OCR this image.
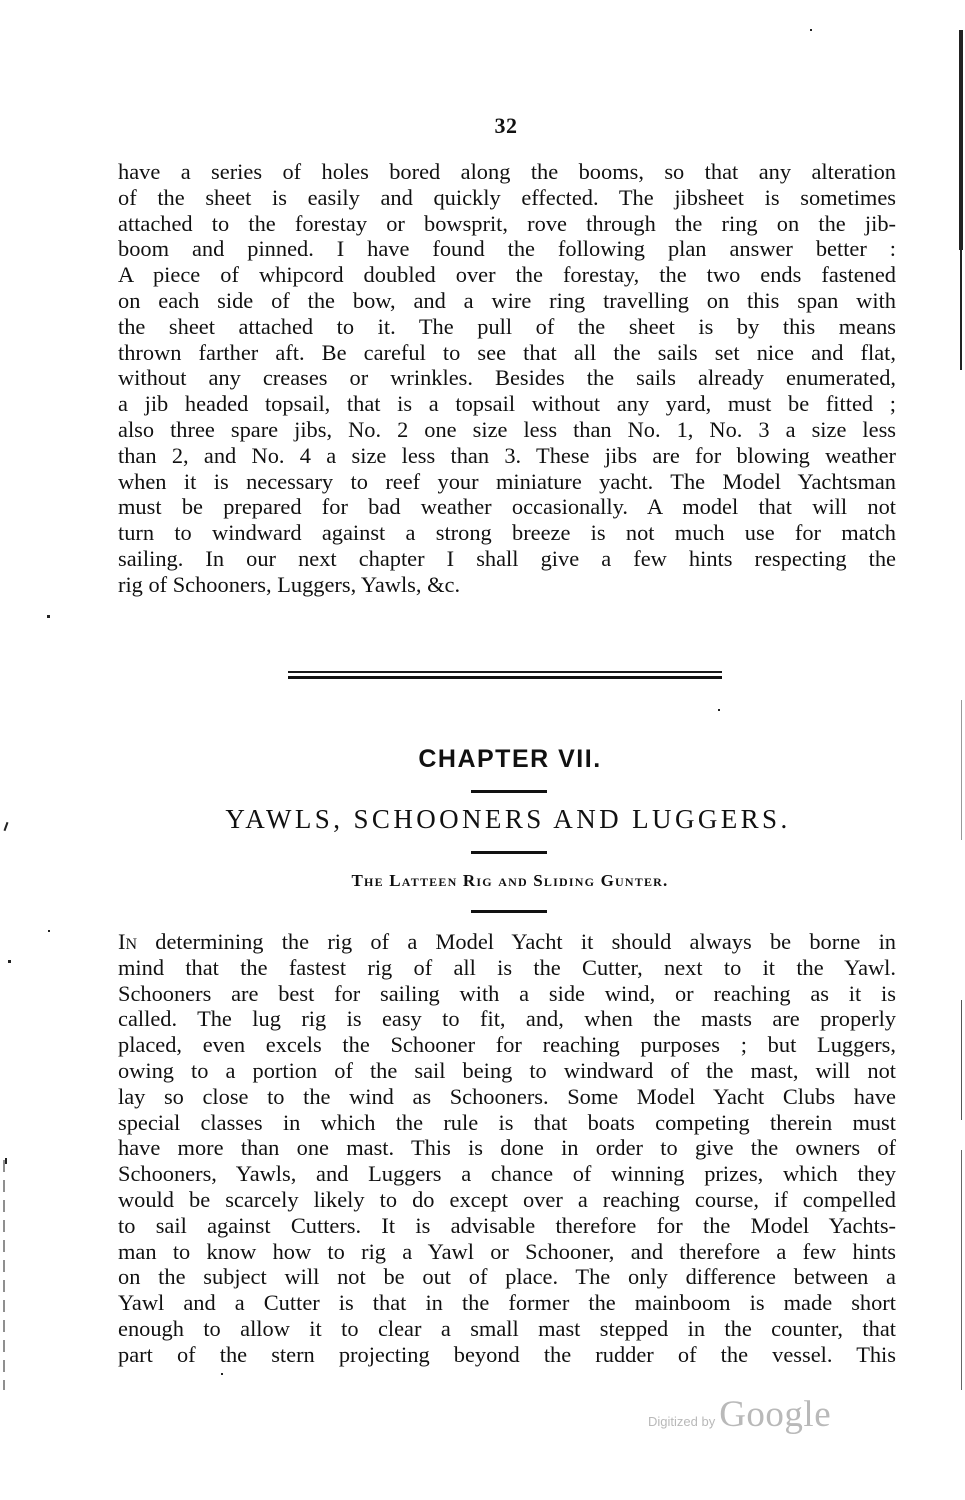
32
have a series of holes bored along the booms, so that any alteration
of the sheet is easily and quickly effected. The jibsheet is sometimes
attached to the forestay or bowsprit, rove through the ring on the jib-
boom and pinned. I have found the following plan answer better :
A piece of whipcord doubled over the forestay, the two ends fastened
on each side of the bow, and a wire ring travelling on this span with
the sheet attached to it. The pull of the sheet is by this means
thrown farther aft. Be careful to see that all the sails set nice and flat,
without any creases or wrinkles. Besides the sails already enumerated,
a jib headed topsail, that is a topsail without any yard, must be fitted ;
also three spare jibs, No. 2 one size less than No. 1, No. 3 a size less
than 2, and No. 4 a size less than 3. These jibs are for blowing weather
when it is necessary to reef your miniature yacht. The Model Yachtsman
must be prepared for bad weather occasionally. A model that will not
turn to windward against a strong breeze is not much use for match
sailing. In our next chapter I shall give a few hints respecting the
rig of Schooners, Luggers, Yawls, &c.
CHAPTER VII.
YAWLS, SCHOONERS AND LUGGERS.
The Latteen Rig and Sliding Gunter.
In determining the rig of a Model Yacht it should always be borne in
mind that the fastest rig of all is the Cutter, next to it the Yawl.
Schooners are best for sailing with a side wind, or reaching as it is
called. The lug rig is easy to fit, and, when the masts are properly
placed, even excels the Schooner for reaching purposes ; but Luggers,
owing to a portion of the sail being to windward of the mast, will not
lay so close to the wind as Schooners. Some Model Yacht Clubs have
special classes in which the rule is that boats competing therein must
have more than one mast. This is done in order to give the owners of
Schooners, Yawls, and Luggers a chance of winning prizes, which they
would be scarcely likely to do except over a reaching course, if compelled
to sail against Cutters. It is advisable therefore for the Model Yachts-
man to know how to rig a Yawl or Schooner, and therefore a few hints
on the subject will not be out of place. The only difference between a
Yawl and a Cutter is that in the former the mainboom is made short
enough to allow it to clear a small mast stepped in the counter, that
part of the stern projecting beyond the rudder of the vessel. This
Digitized by Google
